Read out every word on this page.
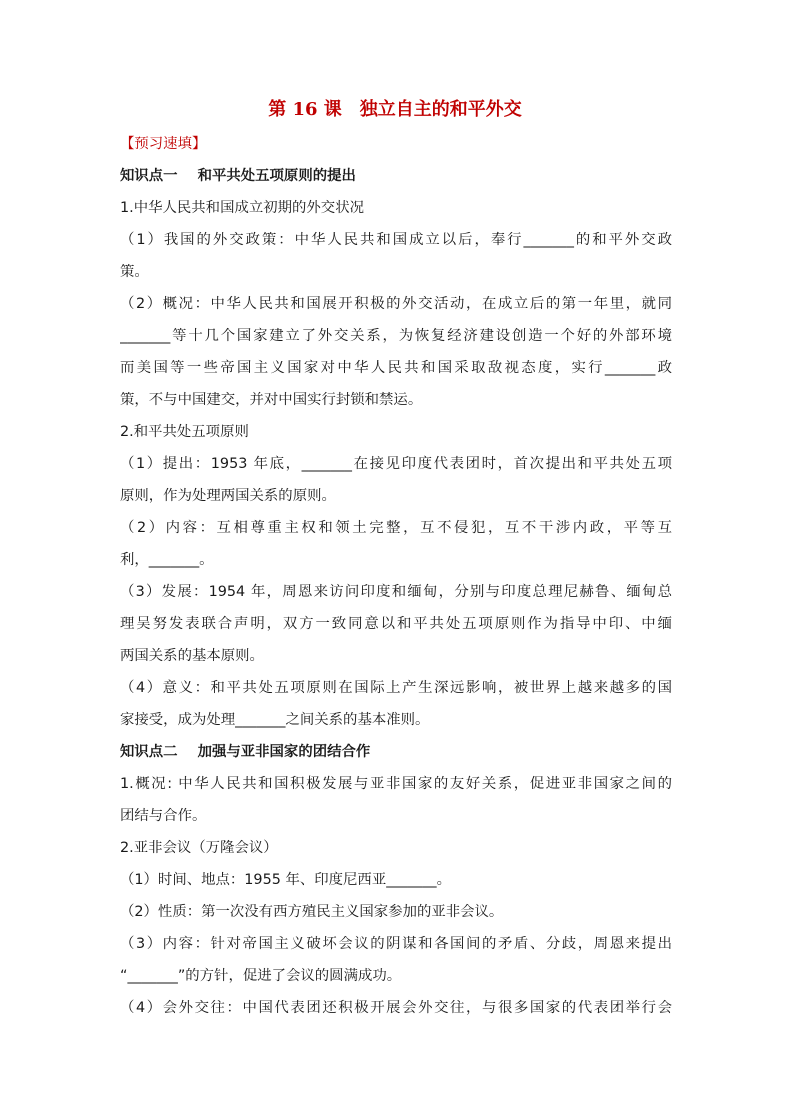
第 16 课　独立自主的和平外交
【预习速填】
知识点一 和平共处五项原则的提出
1.中华人民共和国成立初期的外交状况
（1）我国的外交政策：中华人民共和国成立以后，奉行_______的和平外交政
策。
（2）概况：中华人民共和国展开积极的外交活动，在成立后的第一年里，就同
_______等十几个国家建立了外交关系，为恢复经济建设创造一个好的外部环境
而美国等一些帝国主义国家对中华人民共和国采取敌视态度，实行_______政
策，不与中国建交，并对中国实行封锁和禁运。
2.和平共处五项原则
（1）提出：1953 年底，_______在接见印度代表团时，首次提出和平共处五项
原则，作为处理两国关系的原则。
（2）内容：互相尊重主权和领土完整，互不侵犯，互不干涉内政，平等互
利，_______。
（3）发展：1954 年，周恩来访问印度和缅甸，分别与印度总理尼赫鲁、缅甸总
理吴努发表联合声明，双方一致同意以和平共处五项原则作为指导中印、中缅
两国关系的基本原则。
（4）意义：和平共处五项原则在国际上产生深远影响，被世界上越来越多的国
家接受，成为处理_______之间关系的基本准则。
知识点二 加强与亚非国家的团结合作
1.概况: 中华人民共和国积极发展与亚非国家的友好关系，促进亚非国家之间的
团结与合作。
2.亚非会议（万隆会议）
（1）时间、地点：1955 年、印度尼西亚_______。
（2）性质：第一次没有西方殖民主义国家参加的亚非会议。
（3）内容：针对帝国主义破坏会议的阴谋和各国间的矛盾、分歧，周恩来提出
“_______”的方针，促进了会议的圆满成功。
（4）会外交往：中国代表团还积极开展会外交往，与很多国家的代表团举行会
